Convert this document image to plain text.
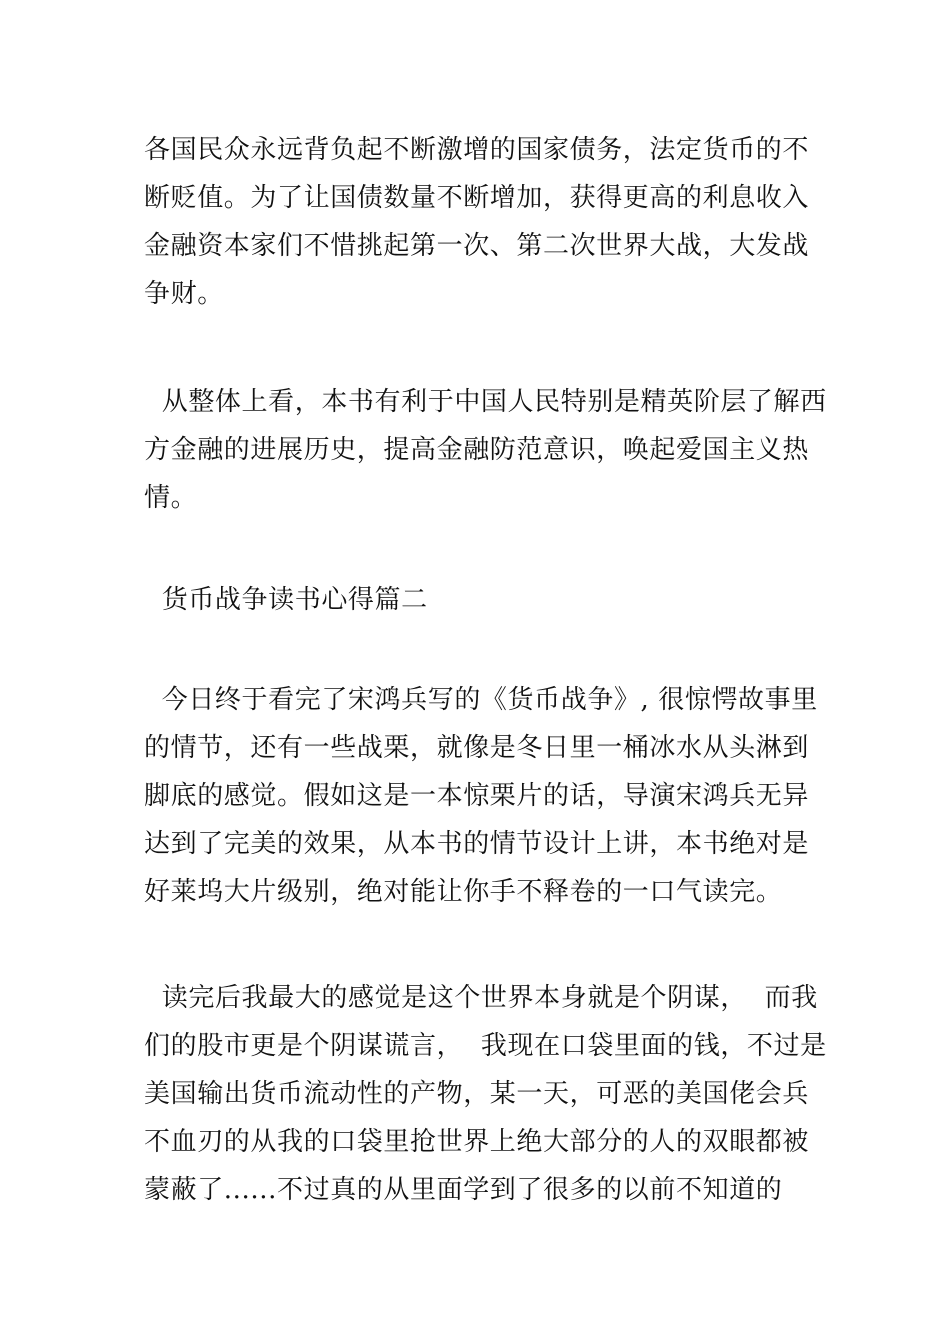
各国民众永远背负起不断激增的国家债务，法定货币的不
断贬值。为了让国债数量不断增加，获得更高的利息收入
金融资本家们不惜挑起第一次、第二次世界大战，大发战
争财。
从整体上看，本书有利于中国人民特别是精英阶层了解西
方金融的进展历史，提高金融防范意识，唤起爱国主义热
情。
货币战争读书心得篇二
今日终于看完了宋鸿兵写的《货币战争》, 很惊愕故事里
的情节，还有一些战栗，就像是冬日里一桶冰水从头淋到
脚底的感觉。假如这是一本惊栗片的话，导演宋鸿兵无异
达到了完美的效果，从本书的情节设计上讲，本书绝对是
好莱坞大片级别，绝对能让你手不释卷的一口气读完。
读完后我最大的感觉是这个世界本身就是个阴谋，  而我
们的股市更是个阴谋谎言，  我现在口袋里面的钱，不过是
美国输出货币流动性的产物，某一天，可恶的美国佬会兵
不血刃的从我的口袋里抢世界上绝大部分的人的双眼都被
蒙蔽了......不过真的从里面学到了很多的以前不知道的
